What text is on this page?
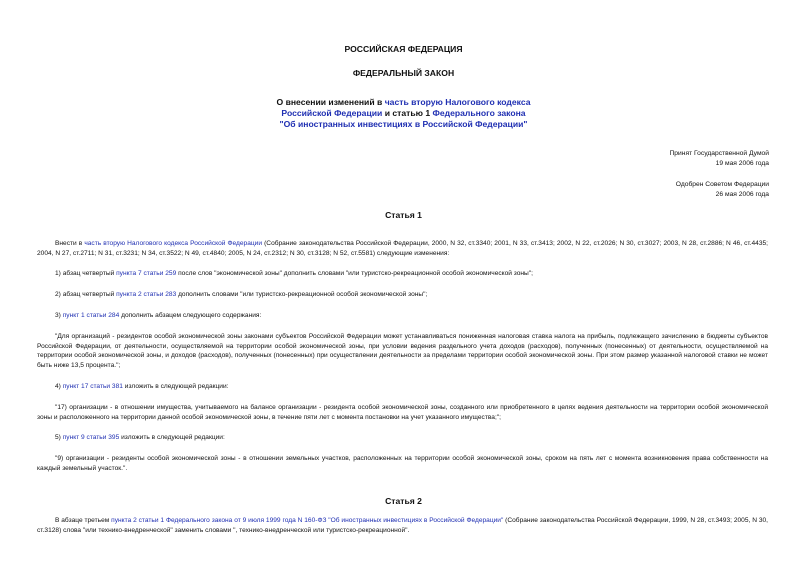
РОССИЙСКАЯ ФЕДЕРАЦИЯ
ФЕДЕРАЛЬНЫЙ ЗАКОН
О внесении изменений в часть вторую Налогового кодекса
Российской Федерации и статью 1 Федерального закона
"Об иностранных инвестициях в Российской Федерации"
Принят Государственной Думой
19 мая 2006 года
Одобрен Советом Федерации
26 мая 2006 года
Статья 1

Внести в часть вторую Налогового кодекса Российской Федерации (Собрание законодательства Российской Федерации, 2000, N 32, ст.3340; 2001, N 33, ст.3413; 2002, N 22, ст.2026; N 30, ст.3027; 2003, N 28, ст.2886; N 46, ст.4435; 2004, N 27, ст.2711; N 31, ст.3231; N 34, ст.3522; N 49, ст.4840; 2005, N 24, ст.2312; N 30, ст.3128; N 52, ст.5581) следующие изменения:

1) абзац четвертый пункта 7 статьи 259 после слов "экономической зоны" дополнить словами "или туристско-рекреационной особой экономической зоны";

2) абзац четвертый пункта 2 статьи 283 дополнить словами "или туристско-рекреационной особой экономической зоны";

3) пункт 1 статьи 284 дополнить абзацем следующего содержания:

"Для организаций - резидентов особой экономической зоны законами субъектов Российской Федерации может устанавливаться пониженная налоговая ставка налога на прибыль, подлежащего зачислению в бюджеты субъектов Российской Федерации, от деятельности, осуществляемой на территории особой экономической зоны, при условии ведения раздельного учета доходов (расходов), полученных (понесенных) от деятельности, осуществляемой на территории особой экономической зоны, и доходов (расходов), полученных (понесенных) при осуществлении деятельности за пределами территории особой экономической зоны. При этом размер указанной налоговой ставки не может быть ниже 13,5 процента.";

4) пункт 17 статьи 381 изложить в следующей редакции:

"17) организации - в отношении имущества, учитываемого на балансе организации - резидента особой экономической зоны, созданного или приобретенного в целях ведения деятельности на территории особой экономической зоны и расположенного на территории данной особой экономической зоны, в течение пяти лет с момента постановки на учет указанного имущества;";

5) пункт 9 статьи 395 изложить в следующей редакции:

"9) организации - резиденты особой экономической зоны - в отношении земельных участков, расположенных на территории особой экономической зоны, сроком на пять лет с момента возникновения права собственности на каждый земельный участок.".

Статья 2

В абзаце третьем пункта 2 статьи 1 Федерального закона от 9 июля 1999 года N 160-ФЗ "Об иностранных инвестициях в Российской Федерации" (Собрание законодательства Российской Федерации, 1999, N 28, ст.3493; 2005, N 30, ст.3128) слова "или технико-внедренческой" заменить словами ", технико-внедренческой или туристско-рекреационной".
